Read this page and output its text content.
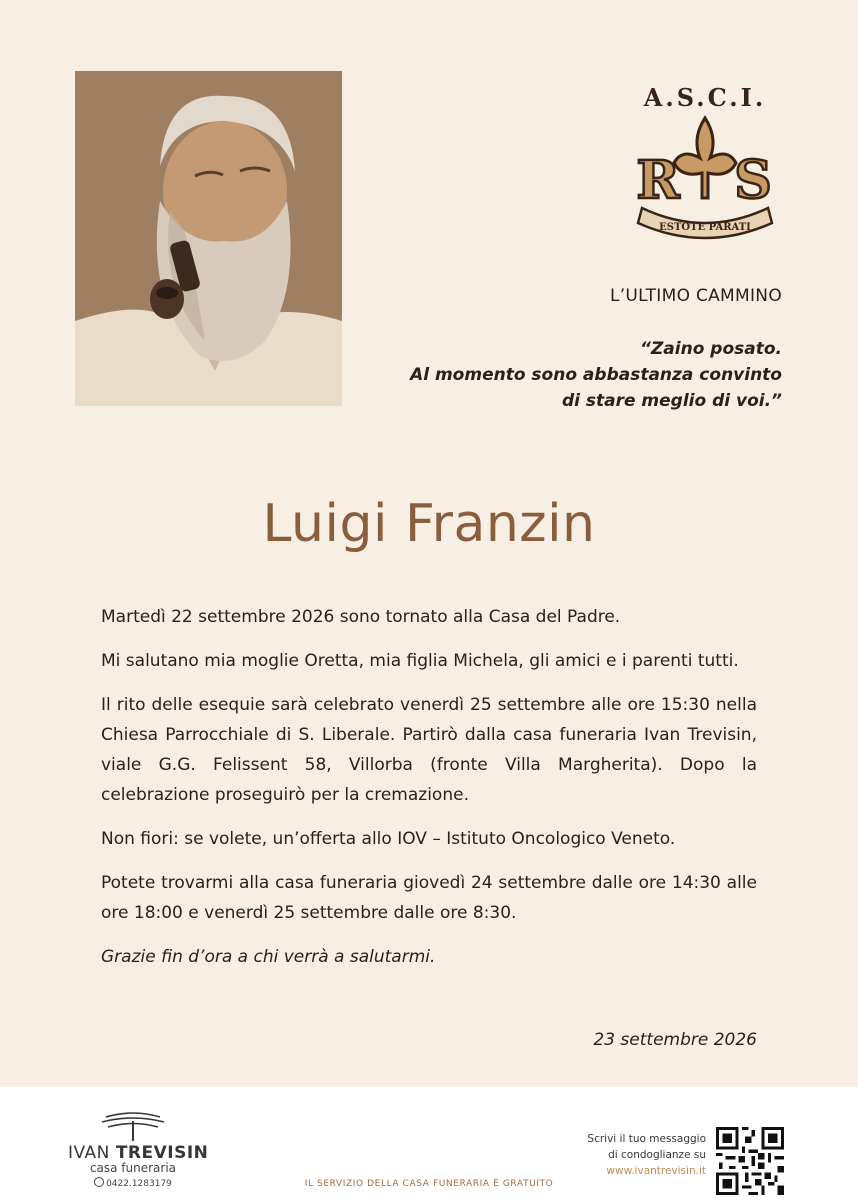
A.S.C.I.
R S
ESTOTE PARATI
L’ULTIMO CAMMINO
“Zaino posato.
Al momento sono abbastanza convinto
di stare meglio di voi.”
Luigi Franzin

Martedì 22 settembre 2026 sono tornato alla Casa del Padre.

Mi salutano mia moglie Oretta, mia figlia Michela, gli amici e i parenti tutti.

Il rito delle esequie sarà celebrato venerdì 25 settembre alle ore 15:30 nella Chiesa Parrocchiale di S. Liberale. Partirò dalla casa funeraria Ivan Trevisin, viale G.G. Felissent 58, Villorba (fronte Villa Margherita). Dopo la celebrazione proseguirò per la cremazione.

Non fiori: se volete, un’offerta allo IOV – Istituto Oncologico Veneto.

Potete trovarmi alla casa funeraria giovedì 24 settembre dalle ore 14:30 alle ore 18:00 e venerdì 25 settembre dalle ore 8:30.

Grazie fin d’ora a chi verrà a salutarmi.

23 settembre 2026
IVAN TREVISIN
casa funeraria
0422.1283179	IL SERVIZIO DELLA CASA FUNERARIA È GRATUITO
Scrivi il tuo messaggio
di condoglianze su
www.ivantrevisin.it
